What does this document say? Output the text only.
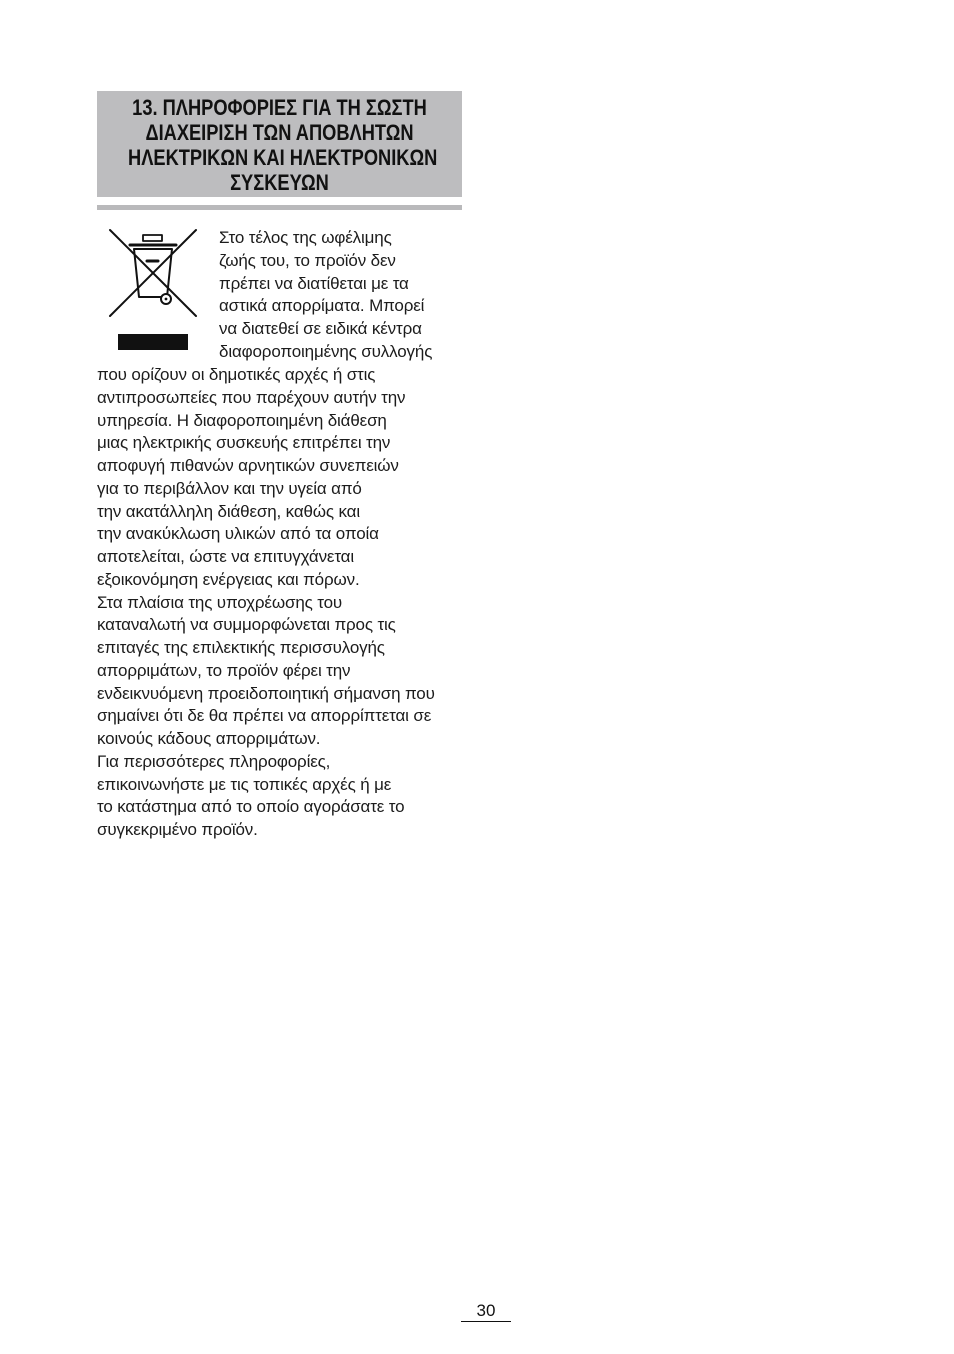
13. ΠΛΗΡΟΦΟΡΙΕΣ ΓΙΑ ΤΗ ΣΩΣΤΗ
ΔΙΑΧΕΙΡΙΣΗ ΤΩΝ ΑΠΟΒΛΗΤΩΝ
ΗΛΕΚΤΡΙΚΩΝ ΚΑΙ ΗΛΕΚΤΡΟΝΙΚΩΝ
ΣΥΣΚΕΥΩΝ
Στο τέλος της ωφέλιμης
ζωής του, το προϊόν δεν
πρέπει να διατίθεται με τα
αστικά απορρίματα. Μπορεί
να διατεθεί σε ειδικά κέντρα
διαφοροποιημένης συλλογής
που ορίζουν οι δημοτικές αρχές ή στις
αντιπροσωπείες που παρέχουν αυτήν την
υπηρεσία. Η διαφοροποιημένη διάθεση
μιας ηλεκτρικής συσκευής επιτρέπει την
αποφυγή πιθανών αρνητικών συνεπειών
για το περιβάλλον και την υγεία από
την ακατάλληλη διάθεση, καθώς και
την ανακύκλωση υλικών από τα οποία
αποτελείται, ώστε να επιτυγχάνεται
εξοικονόμηση ενέργειας και πόρων.
Στα πλαίσια της υποχρέωσης του
καταναλωτή να συμμορφώνεται προς τις
επιταγές της επιλεκτικής περισσυλογής
απορριμάτων, το προϊόν φέρει την
ενδεικνυόμενη προειδοποιητική σήμανση που
σημαίνει ότι δε θα πρέπει να απορρίπτεται σε
κοινούς κάδους απορριμάτων.
Για περισσότερες πληροφορίες,
επικοινωνήστε με τις τοπικές αρχές ή με
το κατάστημα από το οποίο αγοράσατε το
συγκεκριμένο προϊόν.
30
